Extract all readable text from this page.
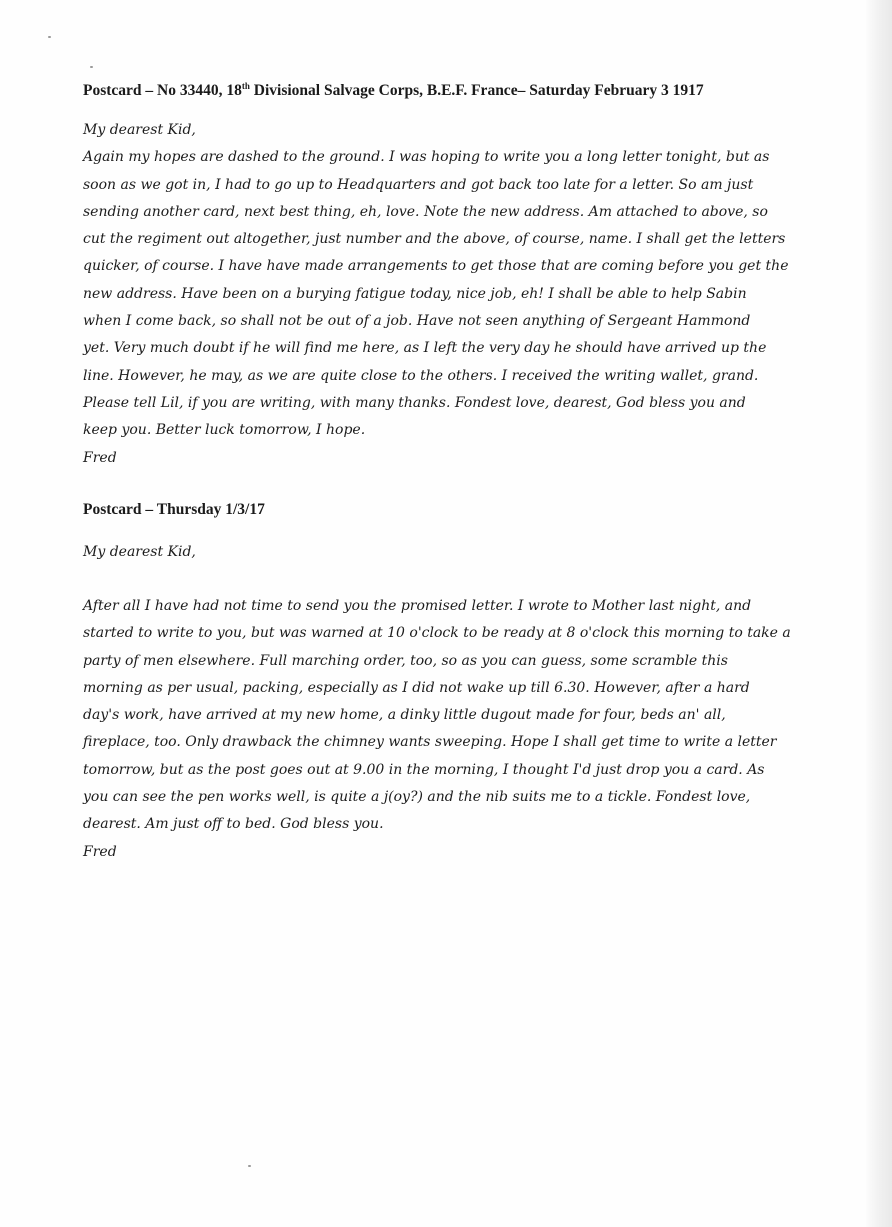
Postcard – No 33440, 18th Divisional Salvage Corps, B.E.F. France– Saturday February 3 1917
My dearest Kid,
Again my hopes are dashed to the ground. I was hoping to write you a long letter tonight, but as
soon as we got in, I had to go up to Headquarters and got back too late for a letter. So am just
sending another card, next best thing, eh, love. Note the new address. Am attached to above, so
cut the regiment out altogether, just number and the above, of course, name. I shall get the letters
quicker, of course. I have have made arrangements to get those that are coming before you get the
new address. Have been on a burying fatigue today, nice job, eh! I shall be able to help Sabin
when I come back, so shall not be out of a job. Have not seen anything of Sergeant Hammond
yet. Very much doubt if he will find me here, as I left the very day he should have arrived up the
line. However, he may, as we are quite close to the others. I received the writing wallet, grand.
Please tell Lil, if you are writing, with many thanks. Fondest love, dearest, God bless you and
keep you. Better luck tomorrow, I hope.
Fred
Postcard – Thursday 1/3/17
My dearest Kid,
After all I have had not time to send you the promised letter. I wrote to Mother last night, and
started to write to you, but was warned at 10 o'clock to be ready at 8 o'clock this morning to take a
party of men elsewhere. Full marching order, too, so as you can guess, some scramble this
morning as per usual, packing, especially as I did not wake up till 6.30. However, after a hard
day's work, have arrived at my new home, a dinky little dugout made for four, beds an' all,
fireplace, too. Only drawback the chimney wants sweeping. Hope I shall get time to write a letter
tomorrow, but as the post goes out at 9.00 in the morning, I thought I'd just drop you a card. As
you can see the pen works well, is quite a j(oy?) and the nib suits me to a tickle. Fondest love,
dearest. Am just off to bed. God bless you.
Fred
